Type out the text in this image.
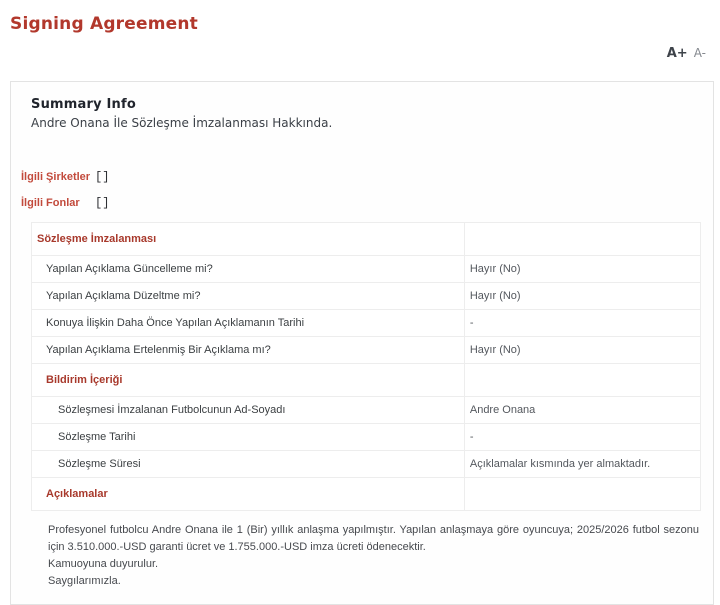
Signing Agreement
A+ A-
Summary Info
Andre Onana İle Sözleşme İmzalanması Hakkında.
İlgili Şirketler []
İlgili Fonlar	[]
Sözleşme İmzalanması
Yapılan Açıklama Güncelleme mi?	Hayır (No)
Yapılan Açıklama Düzeltme mi?	Hayır (No)
Konuya İlişkin Daha Önce Yapılan Açıklamanın Tarihi	-
Yapılan Açıklama Ertelenmiş Bir Açıklama mı?	Hayır (No)
Bildirim İçeriği
Sözleşmesi İmzalanan Futbolcunun Ad-Soyadı	Andre Onana
Sözleşme Tarihi	-
Sözleşme Süresi	Açıklamalar kısmında yer almaktadır.
Açıklamalar

Profesyonel futbolcu Andre Onana ile 1 (Bir) yıllık anlaşma yapılmıştır. Yapılan anlaşmaya göre oyuncuya; 2025/2026 futbol sezonu için 3.510.000.-USD garanti ücret ve 1.755.000.-USD imza ücreti ödenecektir.

Kamuoyuna duyurulur.

Saygılarımızla.
